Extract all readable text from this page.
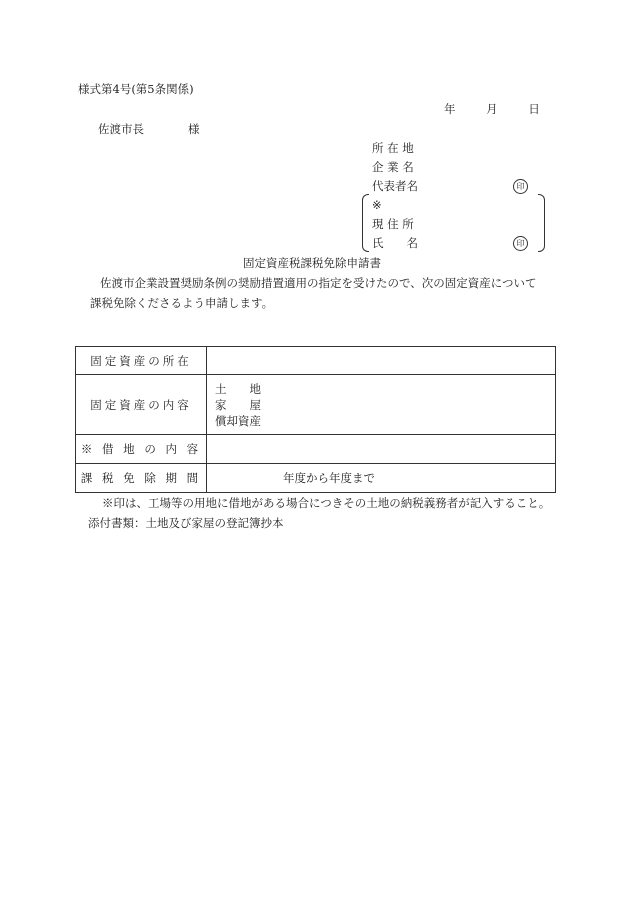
様式第4号(第5条関係)
年	月	日
佐渡市長	様
所 在 地
企 業 名
代表者名	印
※
現 住 所
氏　　名	印
固定資産税課税免除申請書
佐渡市企業設置奨励条例の奨励措置適用の指定を受けたので、次の固定資産について
課税免除くださるよう申請します。
固定資産の所在	
固定資産の内容	土　　地
家　　屋
償却資産

※ 借 地 の 内 容	
課 税 免 除 期 間	年度から年度まで
※印は、工場等の用地に借地がある場合につきその土地の納税義務者が記入すること。
添付書類：土地及び家屋の登記簿抄本
